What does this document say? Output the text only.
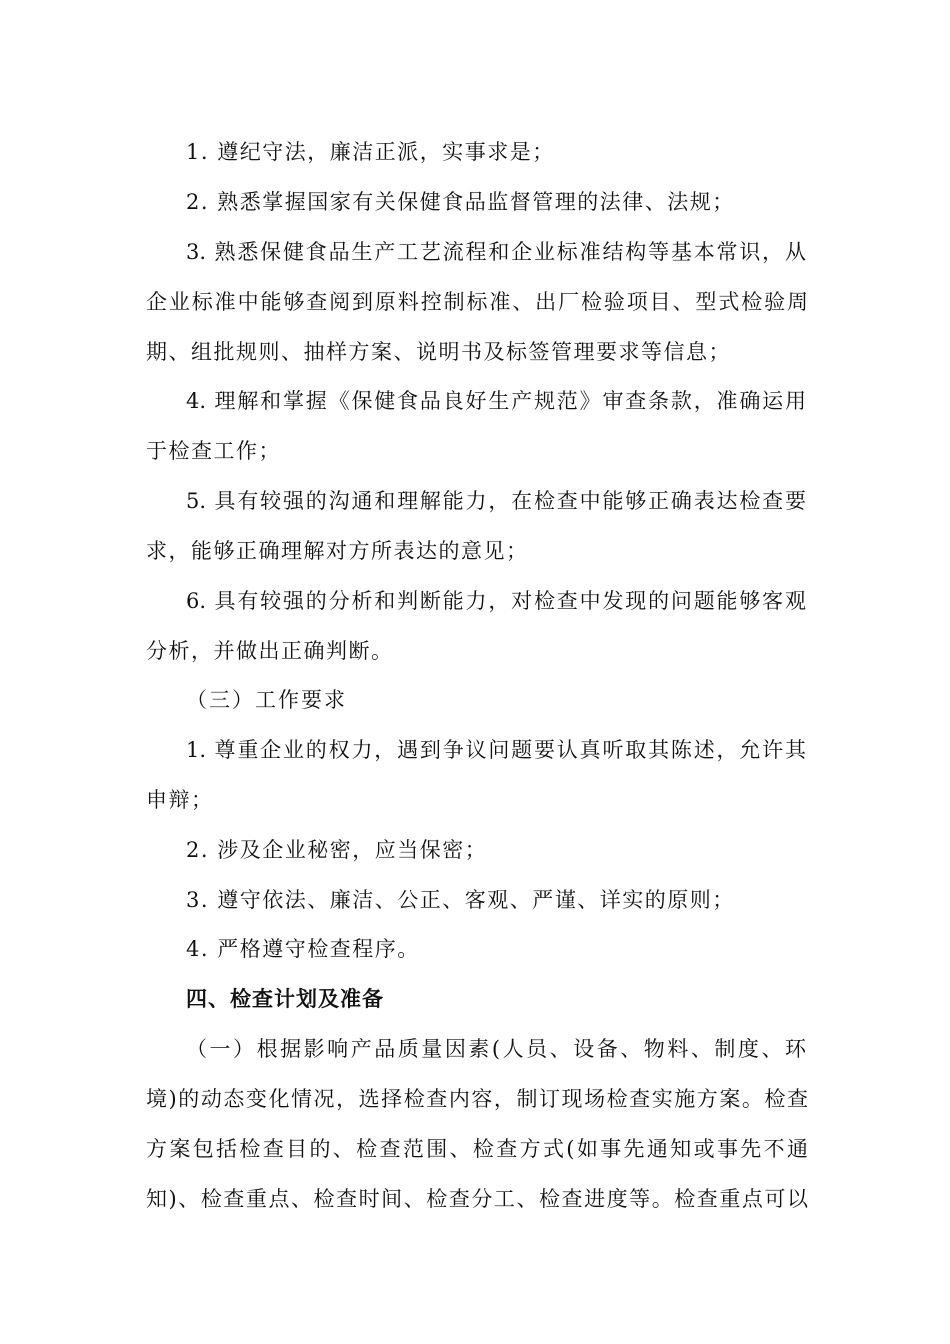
1. 遵纪守法，廉洁正派，实事求是；
2. 熟悉掌握国家有关保健食品监督管理的法律、法规；
3. 熟悉保健食品生产工艺流程和企业标准结构等基本常识，从
企业标准中能够查阅到原料控制标准、出厂检验项目、型式检验周
期、组批规则、抽样方案、说明书及标签管理要求等信息；
4. 理解和掌握《保健食品良好生产规范》审查条款，准确运用
于检查工作；
5. 具有较强的沟通和理解能力，在检查中能够正确表达检查要
求，能够正确理解对方所表达的意见；
6. 具有较强的分析和判断能力，对检查中发现的问题能够客观
分析，并做出正确判断。
（三）工作要求
1. 尊重企业的权力，遇到争议问题要认真听取其陈述，允许其
申辩；
2. 涉及企业秘密，应当保密；
3. 遵守依法、廉洁、公正、客观、严谨、详实的原则；
4. 严格遵守检查程序。
四、检查计划及准备
（一）根据影响产品质量因素(人员、设备、物料、制度、环
境)的动态变化情况，选择检查内容，制订现场检查实施方案。检查
方案包括检查目的、检查范围、检查方式(如事先通知或事先不通
知)、检查重点、检查时间、检查分工、检查进度等。检查重点可以
